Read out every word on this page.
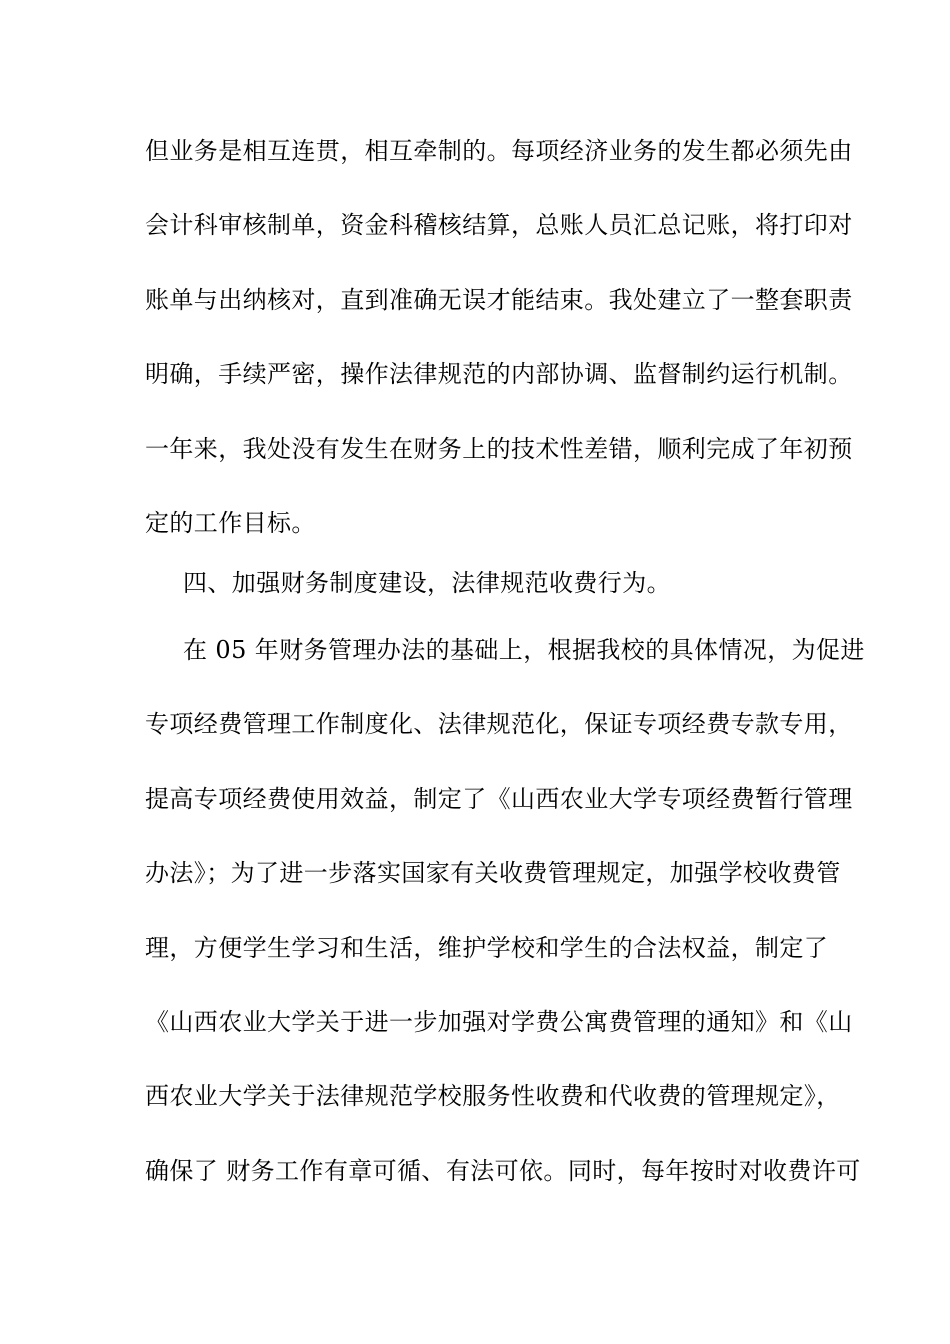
但业务是相互连贯，相互牵制的。每项经济业务的发生都必须先由
会计科审核制单，资金科稽核结算，总账人员汇总记账，将打印对
账单与出纳核对，直到准确无误才能结束。我处建立了一整套职责
明确，手续严密，操作法律规范的内部协调、监督制约运行机制。
一年来，我处没有发生在财务上的技术性差错，顺利完成了年初预
定的工作目标。
四、加强财务制度建设，法律规范收费行为。
在 05 年财务管理办法的基础上，根据我校的具体情况，为促进
专项经费管理工作制度化、法律规范化，保证专项经费专款专用，
提高专项经费使用效益，制定了《山西农业大学专项经费暂行管理
办法》；为了进一步落实国家有关收费管理规定，加强学校收费管
理，方便学生学习和生活，维护学校和学生的合法权益，制定了
《山西农业大学关于进一步加强对学费公寓费管理的通知》和《山
西农业大学关于法律规范学校服务性收费和代收费的管理规定》，
确保了 财务工作有章可循、有法可依。同时，每年按时对收费许可
